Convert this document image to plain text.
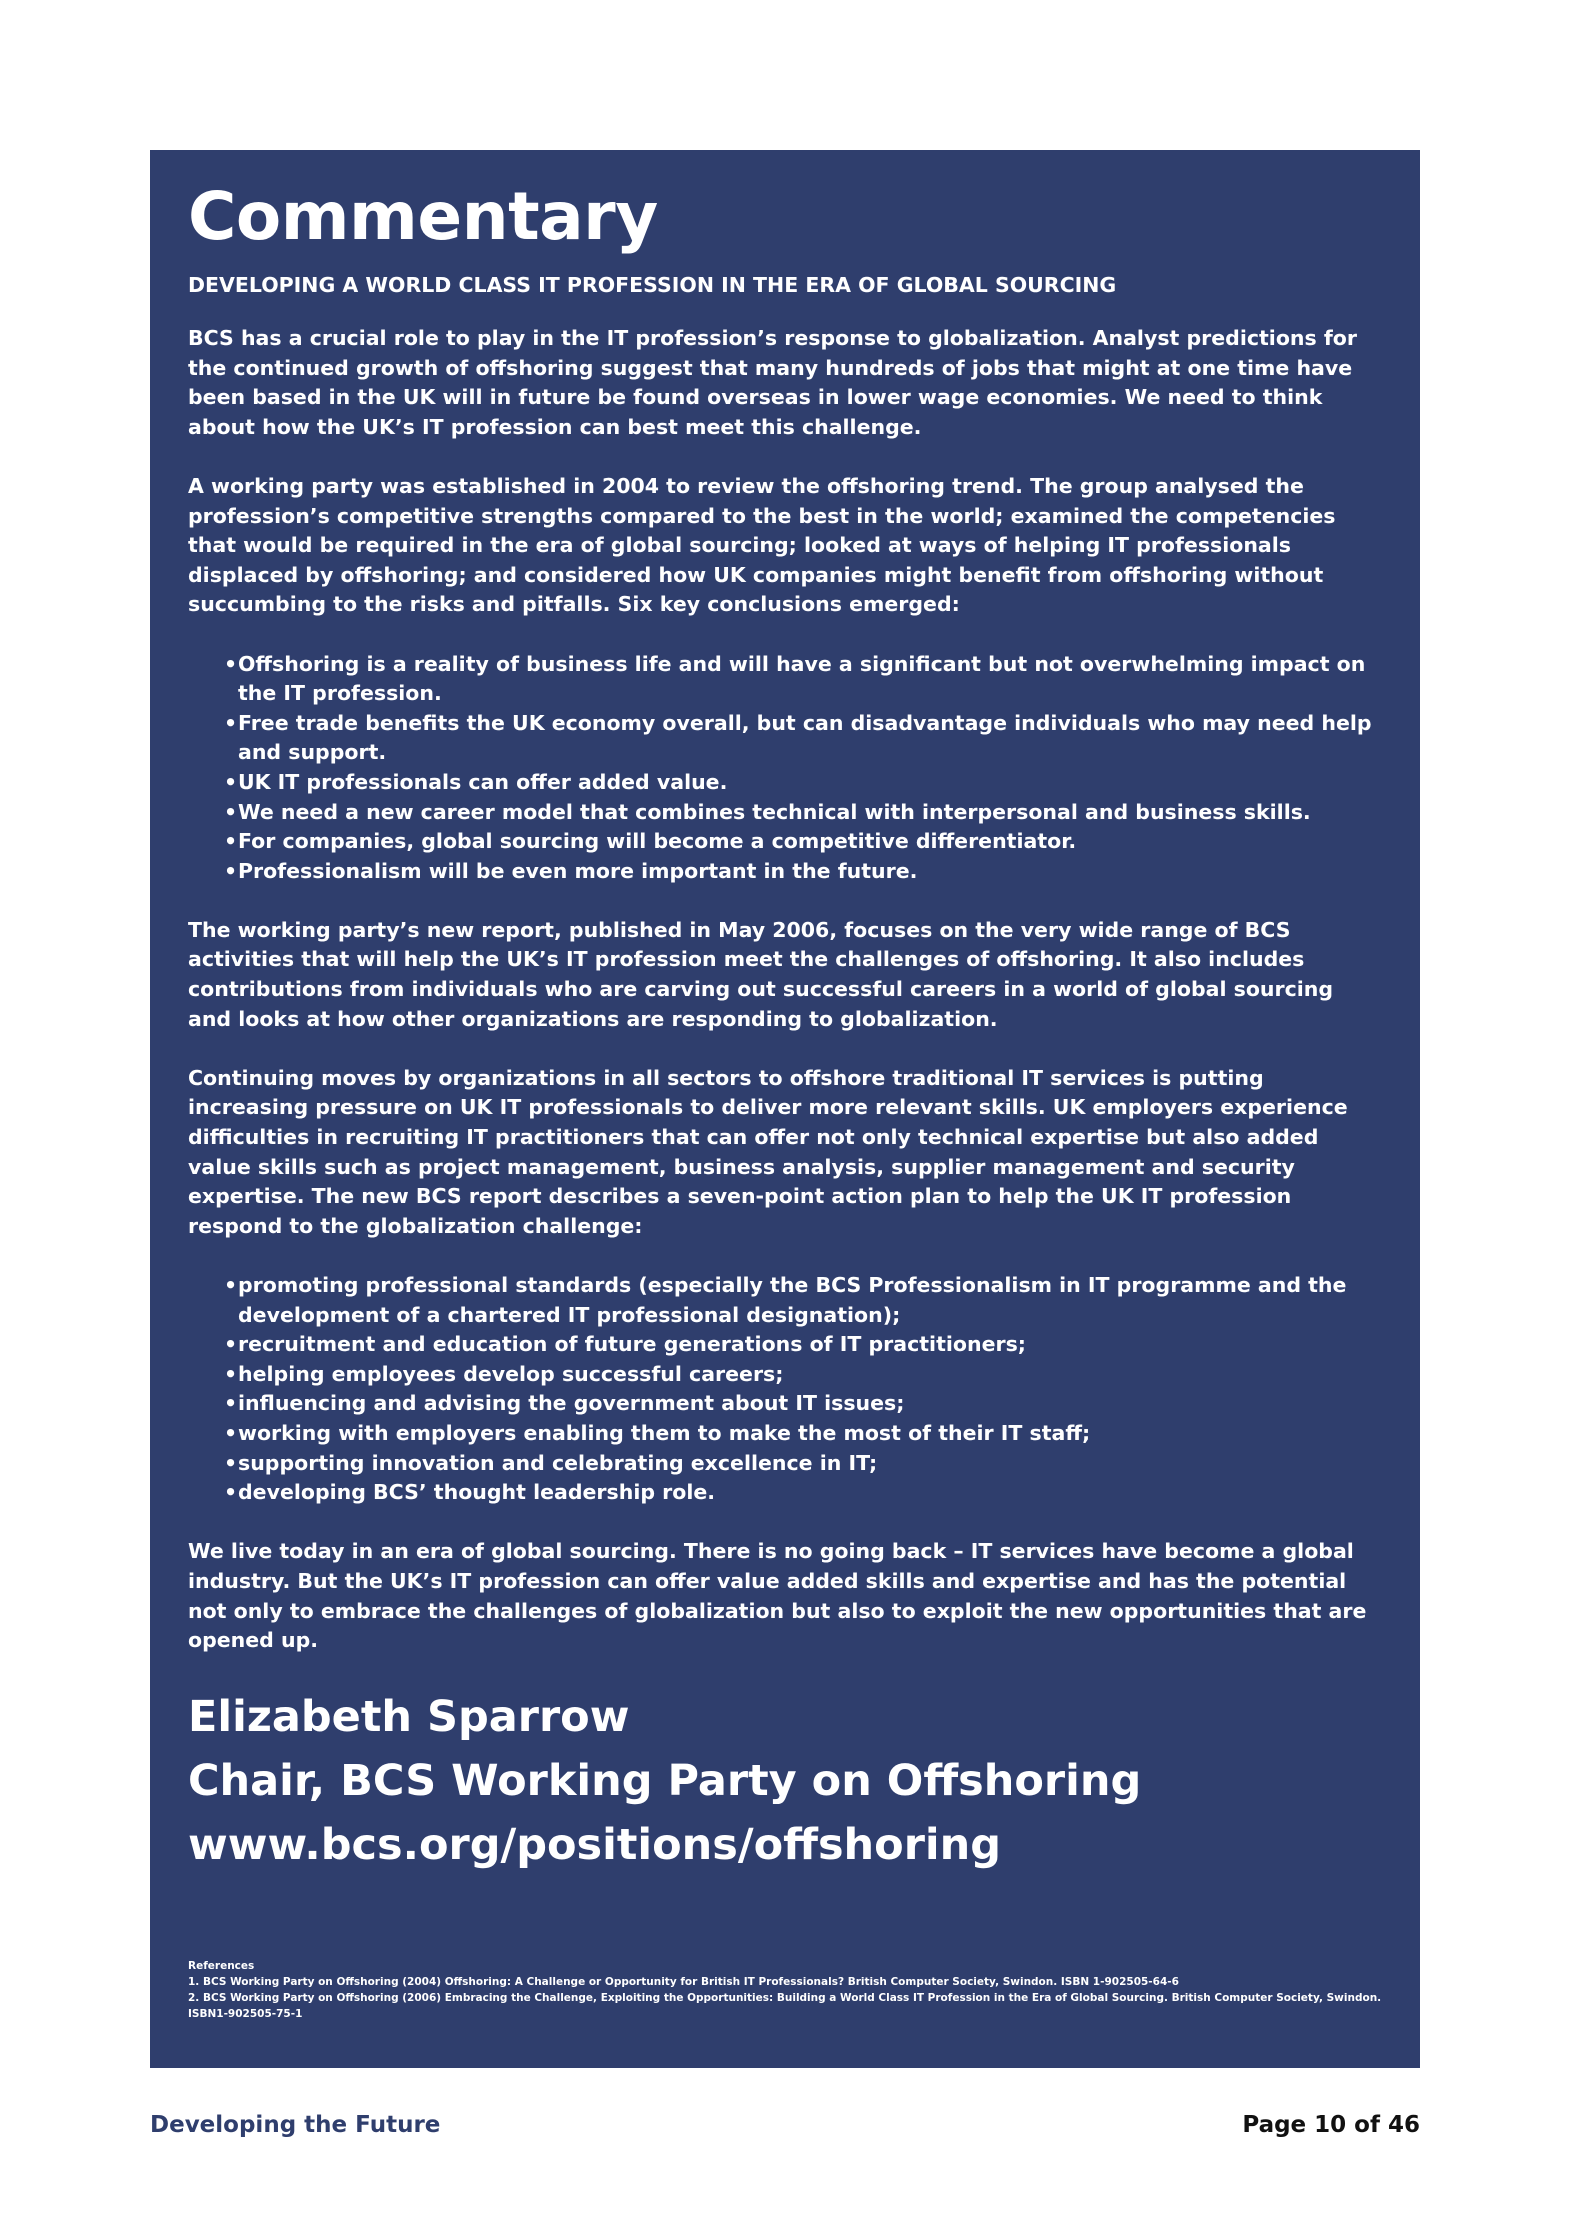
Commentary
DEVELOPING A WORLD CLASS IT PROFESSION IN THE ERA OF GLOBAL SOURCING

BCS has a crucial role to play in the IT profession’s response to globalization. Analyst predictions for the continued growth of offshoring suggest that many hundreds of jobs that might at one time have been based in the UK will in future be found overseas in lower wage economies. We need to think about how the UK’s IT profession can best meet this challenge.

A working party was established in 2004 to review the offshoring trend. The group analysed the profession’s competitive strengths compared to the best in the world; examined the competencies that would be required in the era of global sourcing; looked at ways of helping IT professionals displaced by offshoring; and considered how UK companies might benefit from offshoring without succumbing to the risks and pitfalls. Six key conclusions emerged:

• Offshoring is a reality of business life and will have a significant but not overwhelming impact on the IT profession.
• Free trade benefits the UK economy overall, but can disadvantage individuals who may need help and support.
• UK IT professionals can offer added value.
• We need a new career model that combines technical with interpersonal and business skills.
• For companies, global sourcing will become a competitive differentiator.
• Professionalism will be even more important in the future.

The working party’s new report, published in May 2006, focuses on the very wide range of BCS activities that will help the UK’s IT profession meet the challenges of offshoring. It also includes contributions from individuals who are carving out successful careers in a world of global sourcing and looks at how other organizations are responding to globalization.

Continuing moves by organizations in all sectors to offshore traditional IT services is putting increasing pressure on UK IT professionals to deliver more relevant skills. UK employers experience difficulties in recruiting IT practitioners that can offer not only technical expertise but also added value skills such as project management, business analysis, supplier management and security expertise. The new BCS report describes a seven-point action plan to help the UK IT profession respond to the globalization challenge:

• promoting professional standards (especially the BCS Professionalism in IT programme and the development of a chartered IT professional designation);
• recruitment and education of future generations of IT practitioners;
• helping employees develop successful careers;
• influencing and advising the government about IT issues;
• working with employers enabling them to make the most of their IT staff;
• supporting innovation and celebrating excellence in IT;
• developing BCS’ thought leadership role.

We live today in an era of global sourcing. There is no going back – IT services have become a global industry. But the UK’s IT profession can offer value added skills and expertise and has the potential not only to embrace the challenges of globalization but also to exploit the new opportunities that are opened up.

Elizabeth Sparrow
Chair, BCS Working Party on Offshoring
www.bcs.org/positions/offshoring
References
1. BCS Working Party on Offshoring (2004) Offshoring: A Challenge or Opportunity for British IT Professionals? British Computer Society, Swindon. ISBN 1-902505-64-6
2. BCS Working Party on Offshoring (2006) Embracing the Challenge, Exploiting the Opportunities: Building a World Class IT Profession in the Era of Global Sourcing. British Computer Society, Swindon. ISBN1-902505-75-1
Developing the Future	Page 10 of 46
